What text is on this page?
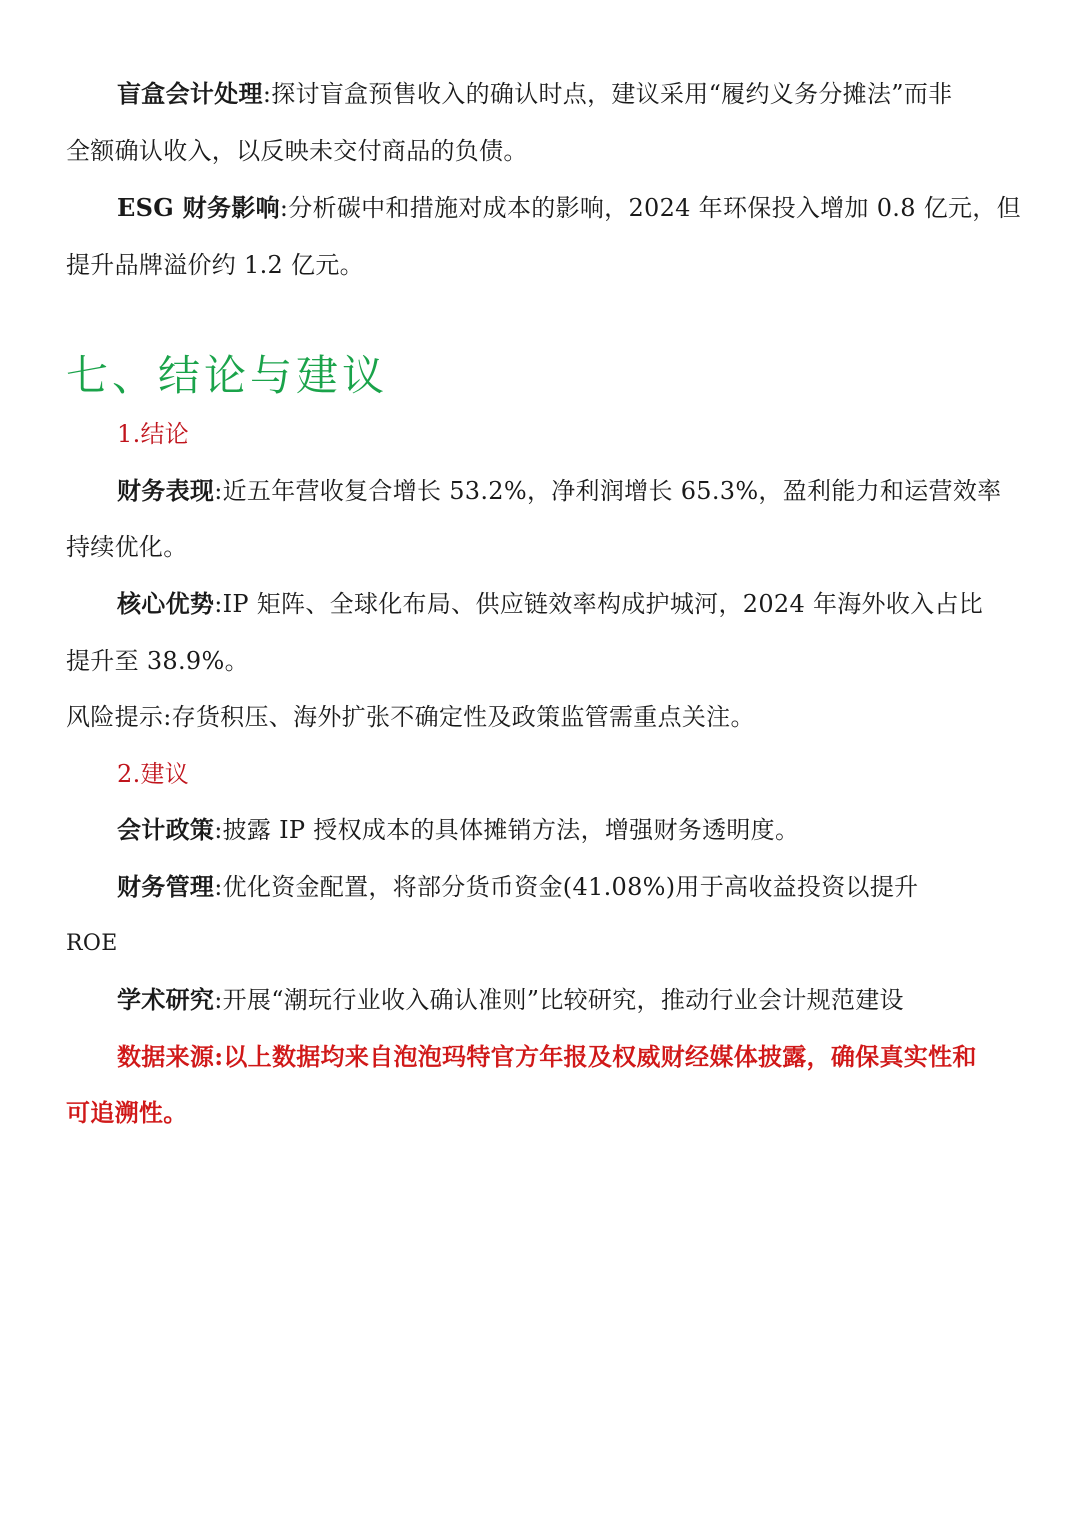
盲盒会计处理:探讨盲盒预售收入的确认时点，建议采用“履约义务分摊法”而非
全额确认收入，以反映未交付商品的负债。
ESG 财务影响:分析碳中和措施对成本的影响，2024 年环保投入增加 0.8 亿元，但
提升品牌溢价约 1.2 亿元。
七、结论与建议
1.结论
财务表现:近五年营收复合增长 53.2%，净利润增长 65.3%，盈利能力和运营效率
持续优化。
核心优势:IP 矩阵、全球化布局、供应链效率构成护城河，2024 年海外收入占比
提升至 38.9%。
风险提示:存货积压、海外扩张不确定性及政策监管需重点关注。
2.建议
会计政策:披露 IP 授权成本的具体摊销方法，增强财务透明度。
财务管理:优化资金配置，将部分货币资金(41.08%)用于高收益投资以提升
ROE
学术研究:开展“潮玩行业收入确认准则”比较研究，推动行业会计规范建设
数据来源:以上数据均来自泡泡玛特官方年报及权威财经媒体披露，确保真实性和
可追溯性。
